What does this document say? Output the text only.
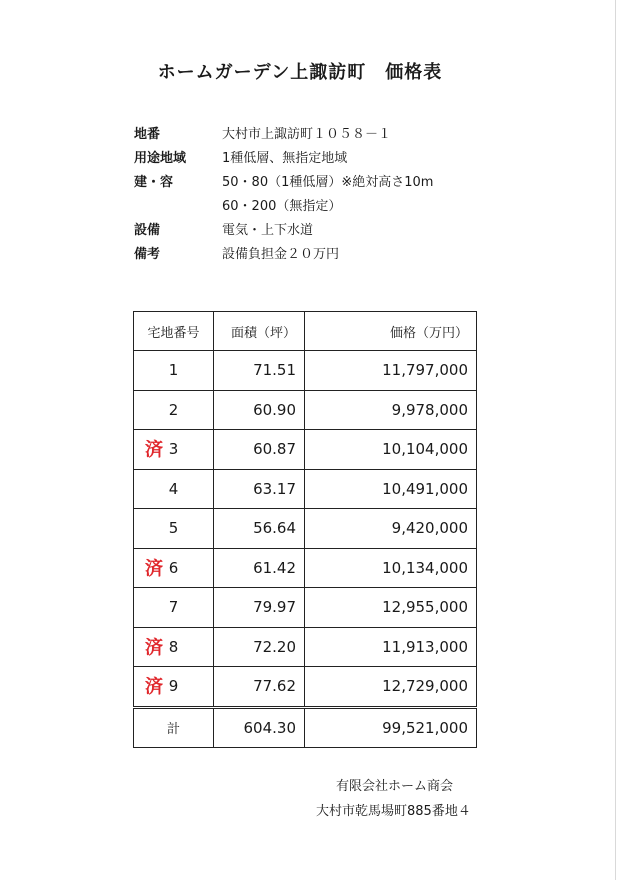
ホームガーデン上諏訪町　価格表
地番	大村市上諏訪町１０５８－１
用途地域	1種低層、無指定地域
建・容	50・80（1種低層）※絶対高さ10m
60・200（無指定）
設備	電気・上下水道
備考	設備負担金２０万円
宅地番号	面積（坪）	価格（万円）
1	71.51	11,797,000
2	60.90	9,978,000

済 3	60.87	10,104,000
4	63.17	10,491,000
5	56.64	9,420,000

済 6	61.42	10,134,000
7	79.97	12,955,000

済 8	72.20	11,913,000

済 9	77.62	12,729,000
計	604.30	99,521,000
有限会社ホーム商会
大村市乾馬場町885番地４
